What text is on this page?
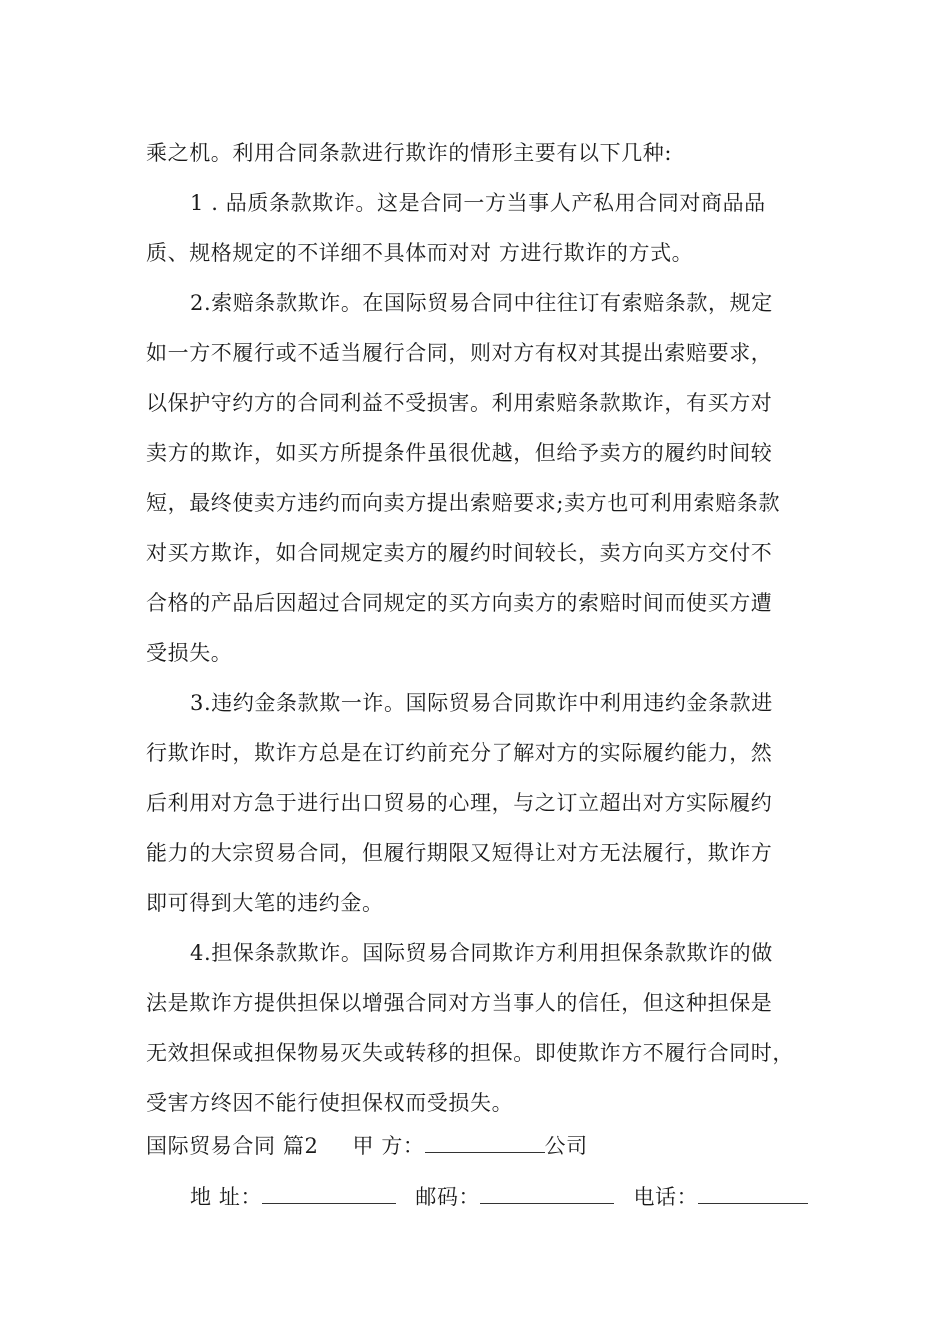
乘之机。利用合同条款进行欺诈的情形主要有以下几种:
1 . 品质条款欺诈。这是合同一方当事人产私用合同对商品品
质、规格规定的不详细不具体而对对 方进行欺诈的方式。
2.索赔条款欺诈。在国际贸易合同中往往订有索赔条款，规定
如一方不履行或不适当履行合同，则对方有权对其提出索赔要求，
以保护守约方的合同利益不受损害。利用索赔条款欺诈，有买方对
卖方的欺诈，如买方所提条件虽很优越，但给予卖方的履约时间较
短，最终使卖方违约而向卖方提出索赔要求;卖方也可利用索赔条款
对买方欺诈，如合同规定卖方的履约时间较长，卖方向买方交付不
合格的产品后因超过合同规定的买方向卖方的索赔时间而使买方遭
受损失。
3.违约金条款欺一诈。国际贸易合同欺诈中利用违约金条款进
行欺诈时，欺诈方总是在订约前充分了解对方的实际履约能力，然
后利用对方急于进行出口贸易的心理，与之订立超出对方实际履约
能力的大宗贸易合同，但履行期限又短得让对方无法履行，欺诈方
即可得到大笔的违约金。
4.担保条款欺诈。国际贸易合同欺诈方利用担保条款欺诈的做
法是欺诈方提供担保以增强合同对方当事人的信任，但这种担保是
无效担保或担保物易灭失或转移的担保。即使欺诈方不履行合同时，
受害方终因不能行使担保权而受损失。
国际贸易合同 篇2 甲 方：	公司
地 址：	邮码：	电话：
